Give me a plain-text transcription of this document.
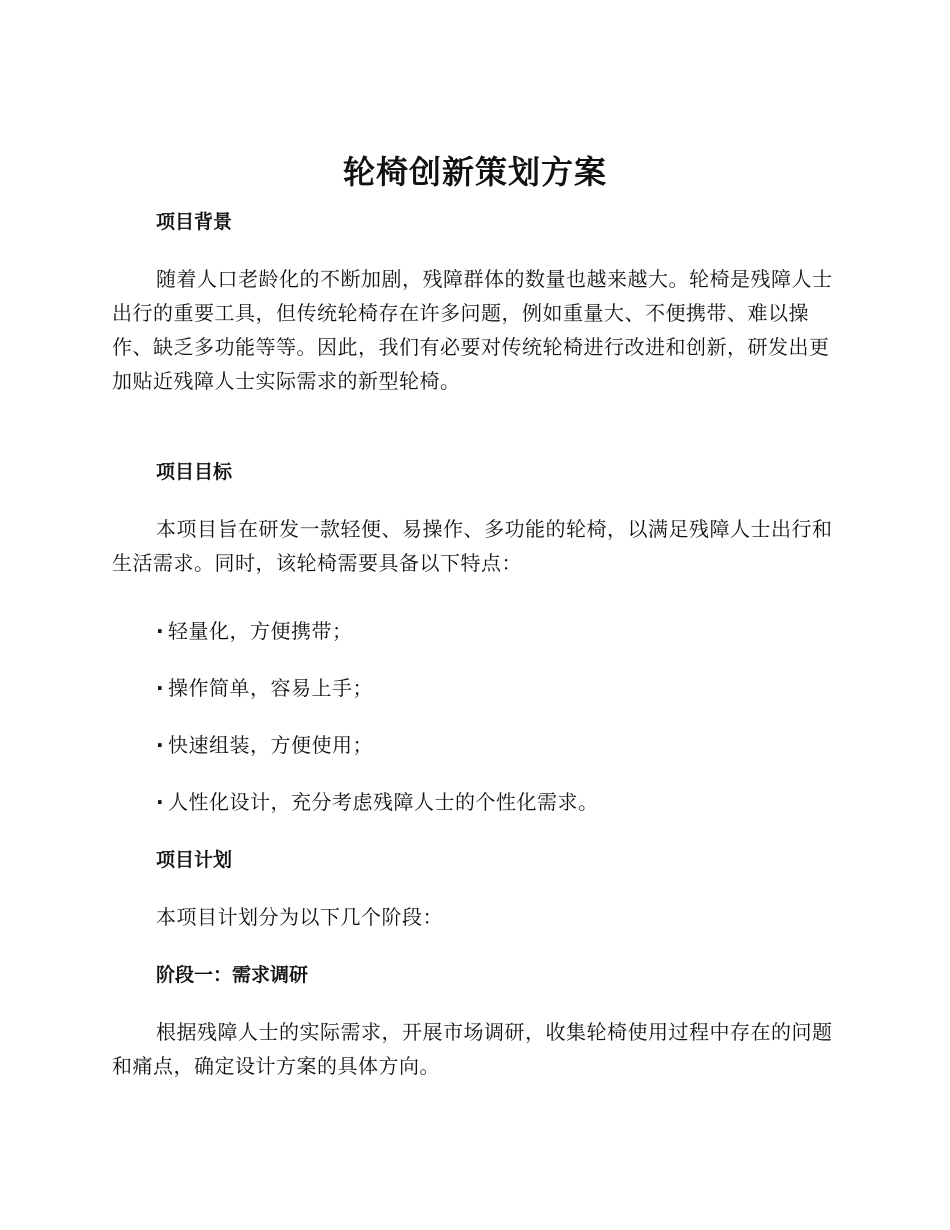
轮椅创新策划方案
项目背景

随着人口老龄化的不断加剧，残障群体的数量也越来越大。轮椅是残障人士出行的重要工具，但传统轮椅存在许多问题，例如重量大、不便携带、难以操作、缺乏多功能等等。因此，我们有必要对传统轮椅进行改进和创新，研发出更加贴近残障人士实际需求的新型轮椅。

项目目标

本项目旨在研发一款轻便、易操作、多功能的轮椅，以满足残障人士出行和生活需求。同时，该轮椅需要具备以下特点：

· 轻量化，方便携带；

· 操作简单，容易上手；

· 快速组装，方便使用；

· 人性化设计，充分考虑残障人士的个性化需求。

项目计划

本项目计划分为以下几个阶段：

阶段一：需求调研

根据残障人士的实际需求，开展市场调研，收集轮椅使用过程中存在的问题和痛点，确定设计方案的具体方向。
